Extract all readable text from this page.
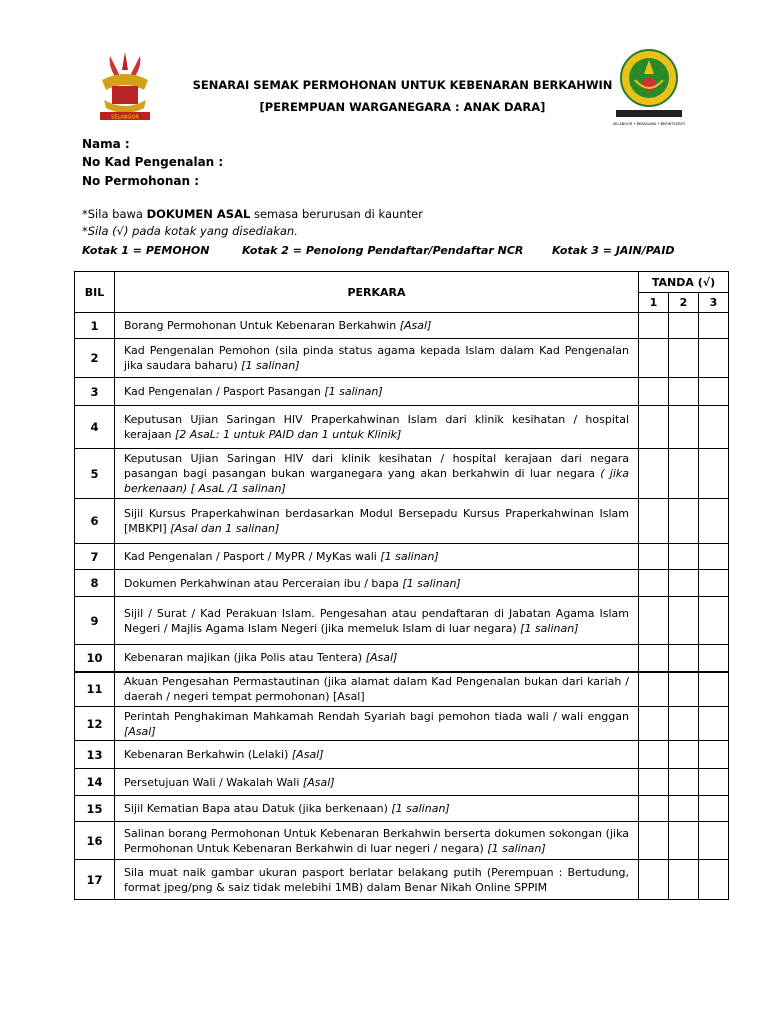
SELANGOR
SENARAI SEMAK PERMOHONAN UNTUK KEBENARAN BERKAHWIN
[PEREMPUAN WARGANEGARA : ANAK DARA]
SELANGOR • BERAGAMA • BERINTEGRITI
Nama :
No Kad Pengenalan :
No Permohonan :
*Sila bawa DOKUMEN ASAL semasa berurusan di kaunter
*Sila (√) pada kotak yang disediakan.
Kotak 1 = PEMOHON	Kotak 2 = Penolong Pendaftar/Pendaftar NCR	Kotak 3 = JAIN/PAID
BIL	PERKARA	TANDA (√)		
		1	2	3
1	Borang Permohonan Untuk Kebenaran Berkahwin [Asal]			
2	Kad Pengenalan Pemohon (sila pinda status agama kepada Islam dalam Kad Pengenalan jika saudara baharu) [1 salinan]			
3	Kad Pengenalan / Pasport Pasangan [1 salinan]			
4	Keputusan Ujian Saringan HIV Praperkahwinan Islam dari klinik kesihatan / hospital kerajaan [2 AsaL: 1 untuk PAID dan 1 untuk Klinik]			
5	Keputusan Ujian Saringan HIV dari klinik kesihatan / hospital kerajaan dari negara pasangan bagi pasangan bukan warganegara yang akan berkahwin di luar negara ( jika berkenaan) [ AsaL /1 salinan]			
6	Sijil Kursus Praperkahwinan berdasarkan Modul Bersepadu Kursus Praperkahwinan Islam [MBKPI] [Asal dan 1 salinan]			
7	Kad Pengenalan / Pasport / MyPR / MyKas wali [1 salinan]			
8	Dokumen Perkahwinan atau Perceraian ibu / bapa [1 salinan]			
9	Sijil / Surat / Kad Perakuan Islam. Pengesahan atau pendaftaran di Jabatan Agama Islam Negeri / Majlis Agama Islam Negeri (jika memeluk Islam di luar negara) [1 salinan]			
10	Kebenaran majikan (jika Polis atau Tentera) [Asal]			
11	Akuan Pengesahan Permastautinan (jika alamat dalam Kad Pengenalan bukan dari kariah / daerah / negeri tempat permohonan) [Asal]			
12	Perintah Penghakiman Mahkamah Rendah Syariah bagi pemohon tiada wali / wali enggan [Asal]			
13	Kebenaran Berkahwin (Lelaki) [Asal]			
14	Persetujuan Wali / Wakalah Wali [Asal]			
15	Sijil Kematian Bapa atau Datuk (jika berkenaan) [1 salinan]			
16	Salinan borang Permohonan Untuk Kebenaran Berkahwin berserta dokumen sokongan (jika Permohonan Untuk Kebenaran Berkahwin di luar negeri / negara) [1 salinan]			
17	Sila muat naik gambar ukuran pasport berlatar belakang putih (Perempuan : Bertudung, format jpeg/png & saiz tidak melebihi 1MB) dalam Benar Nikah Online SPPIM			
